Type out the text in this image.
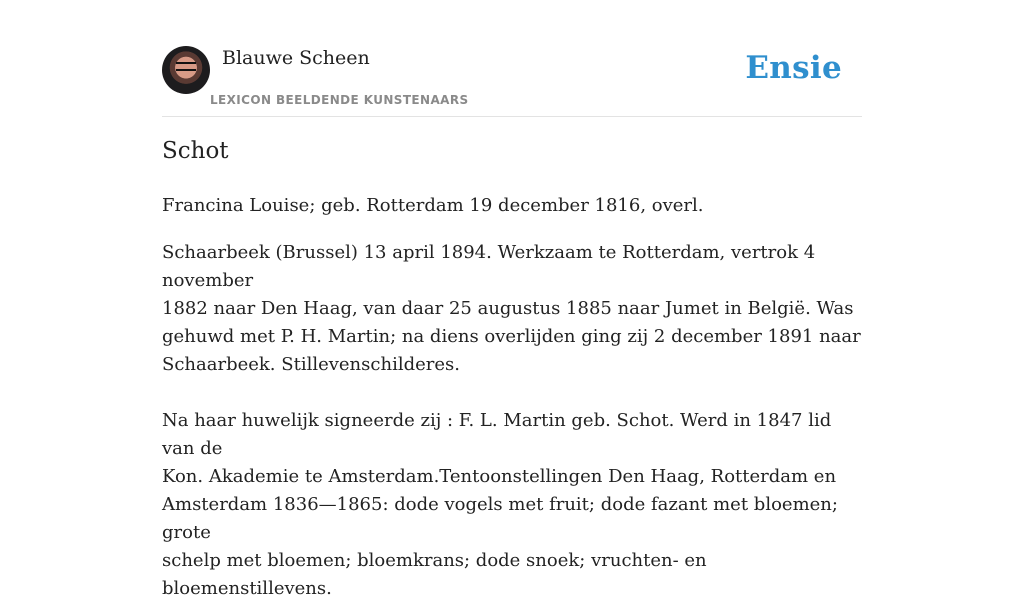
Blauwe Scheen
LEXICON BEELDENDE KUNSTENAARS
Ensie
Schot

Francina Louise; geb. Rotterdam 19 december 1816, overl.

Schaarbeek (Brussel) 13 april 1894. Werkzaam te Rotterdam, vertrok 4 november
1882 naar Den Haag, van daar 25 augustus 1885 naar Jumet in België. Was
gehuwd met P. H. Martin; na diens overlijden ging zij 2 december 1891 naar
Schaarbeek. Stillevenschilderes.

Na haar huwelijk signeerde zij : F. L. Martin geb. Schot. Werd in 1847 lid van de
Kon. Akademie te Amsterdam.Tentoonstellingen Den Haag, Rotterdam en
Amsterdam 1836—1865: dode vogels met fruit; dode fazant met bloemen; grote
schelp met bloemen; bloemkrans; dode snoek; vruchten- en bloemenstillevens.
